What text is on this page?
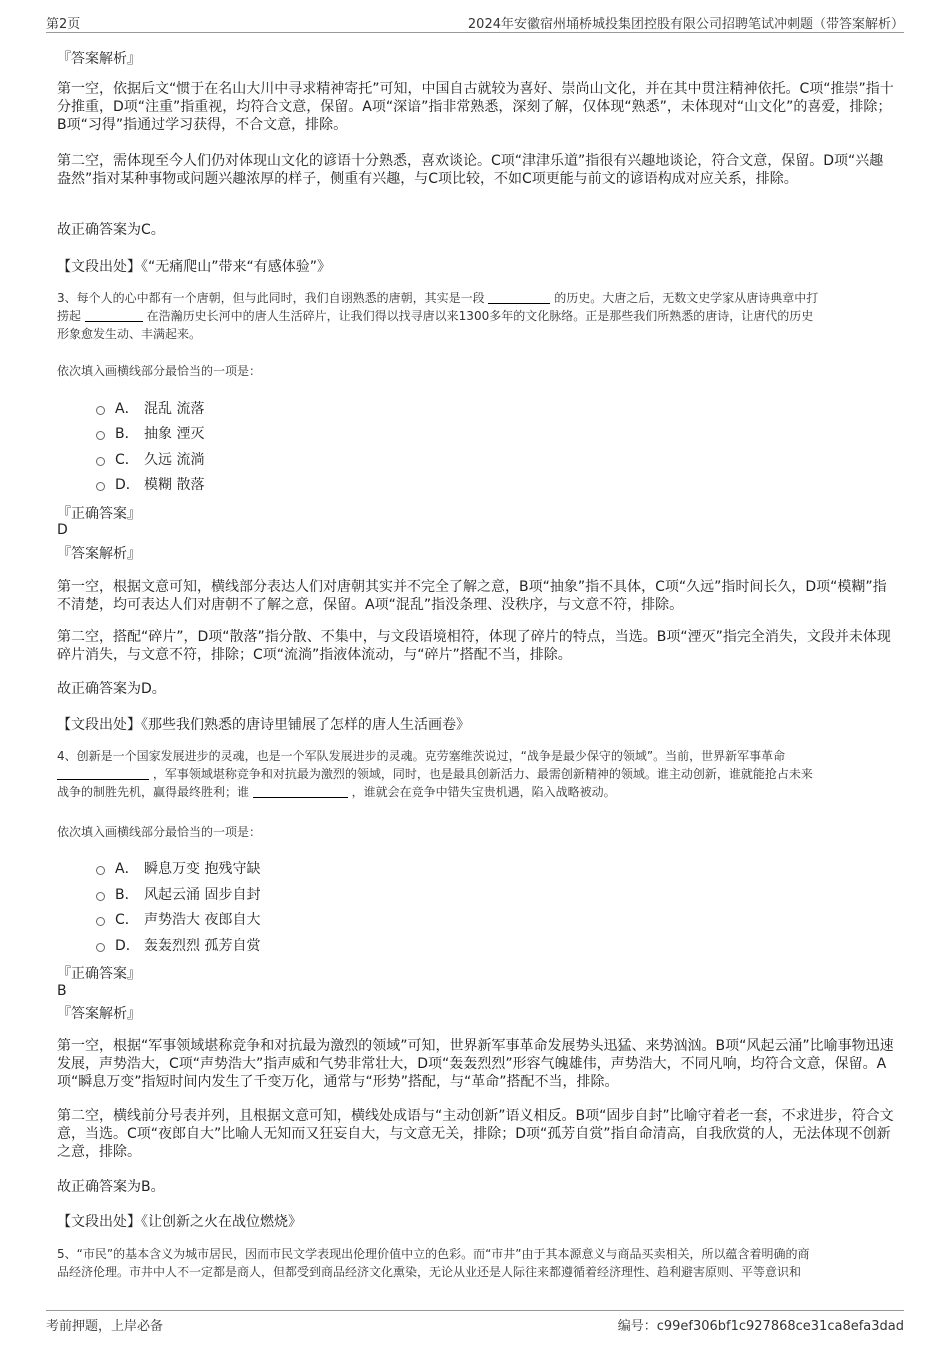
第2页	2024年安徽宿州埇桥城投集团控股有限公司招聘笔试冲刺题（带答案解析）
『答案解析』
第一空，依据后文“惯于在名山大川中寻求精神寄托”可知，中国自古就较为喜好、崇尚山文化，并在其中贯注精神依托。C项“推崇”指十分推重，D项“注重”指重视，均符合文意，保留。A项“深谙”指非常熟悉，深刻了解，仅体现“熟悉”，未体现对“山文化”的喜爱，排除；B项“习得”指通过学习获得，不合文意，排除。
第二空，需体现至今人们仍对体现山文化的谚语十分熟悉，喜欢谈论。C项“津津乐道”指很有兴趣地谈论，符合文意，保留。D项“兴趣盎然”指对某种事物或问题兴趣浓厚的样子，侧重有兴趣，与C项比较，不如C项更能与前文的谚语构成对应关系，排除。
故正确答案为C。
【文段出处】《“无痛爬山”带来“有感体验”》
3、每个人的心中都有一个唐朝，但与此同时，我们自诩熟悉的唐朝，其实是一段	的历史。大唐之后，无数文史学家从唐诗典章中打
捞起	在浩瀚历史长河中的唐人生活碎片，让我们得以找寻唐以来1300多年的文化脉络。正是那些我们所熟悉的唐诗，让唐代的历史
形象愈发生动、丰满起来。
依次填入画横线部分最恰当的一项是：
A． 混乱 流落
B． 抽象 湮灭
C． 久远 流淌
D． 模糊 散落
『正确答案』
D
『答案解析』
第一空，根据文意可知，横线部分表达人们对唐朝其实并不完全了解之意，B项“抽象”指不具体，C项“久远”指时间长久，D项“模糊”指不清楚，均可表达人们对唐朝不了解之意，保留。A项“混乱”指没条理、没秩序，与文意不符，排除。
第二空，搭配“碎片”，D项“散落”指分散、不集中，与文段语境相符，体现了碎片的特点，当选。B项“湮灭”指完全消失，文段并未体现碎片消失，与文意不符，排除；C项“流淌”指液体流动，与“碎片”搭配不当，排除。
故正确答案为D。
【文段出处】《那些我们熟悉的唐诗里铺展了怎样的唐人生活画卷》
4、创新是一个国家发展进步的灵魂，也是一个军队发展进步的灵魂。克劳塞维茨说过，“战争是最少保守的领域”。当前，世界新军事革命
，军事领域堪称竞争和对抗最为激烈的领域，同时，也是最具创新活力、最需创新精神的领域。谁主动创新，谁就能抢占未来
战争的制胜先机，赢得最终胜利；谁	，谁就会在竞争中错失宝贵机遇，陷入战略被动。
依次填入画横线部分最恰当的一项是：
A． 瞬息万变 抱残守缺
B． 风起云涌 固步自封
C． 声势浩大 夜郎自大
D． 轰轰烈烈 孤芳自赏
『正确答案』
B
『答案解析』
第一空，根据“军事领域堪称竞争和对抗最为激烈的领域”可知，世界新军事革命发展势头迅猛、来势汹汹。B项“风起云涌”比喻事物迅速发展，声势浩大，C项“声势浩大”指声威和气势非常壮大，D项“轰轰烈烈”形容气魄雄伟，声势浩大，不同凡响，均符合文意，保留。A项“瞬息万变”指短时间内发生了千变万化，通常与“形势”搭配，与“革命”搭配不当，排除。
第二空，横线前分号表并列，且根据文意可知，横线处成语与“主动创新”语义相反。B项“固步自封”比喻守着老一套，不求进步，符合文意，当选。C项“夜郎自大”比喻人无知而又狂妄自大，与文意无关，排除；D项“孤芳自赏”指自命清高，自我欣赏的人，无法体现不创新之意，排除。
故正确答案为B。
【文段出处】《让创新之火在战位燃烧》
5、“市民”的基本含义为城市居民，因而市民文学表现出伦理价值中立的色彩。而“市井”由于其本源意义与商品买卖相关，所以蕴含着明确的商
品经济伦理。市井中人不一定都是商人，但都受到商品经济文化熏染，无论从业还是人际往来都遵循着经济理性、趋利避害原则、平等意识和
考前押题，上岸必备	编号：c99ef306bf1c927868ce31ca8efa3dad
